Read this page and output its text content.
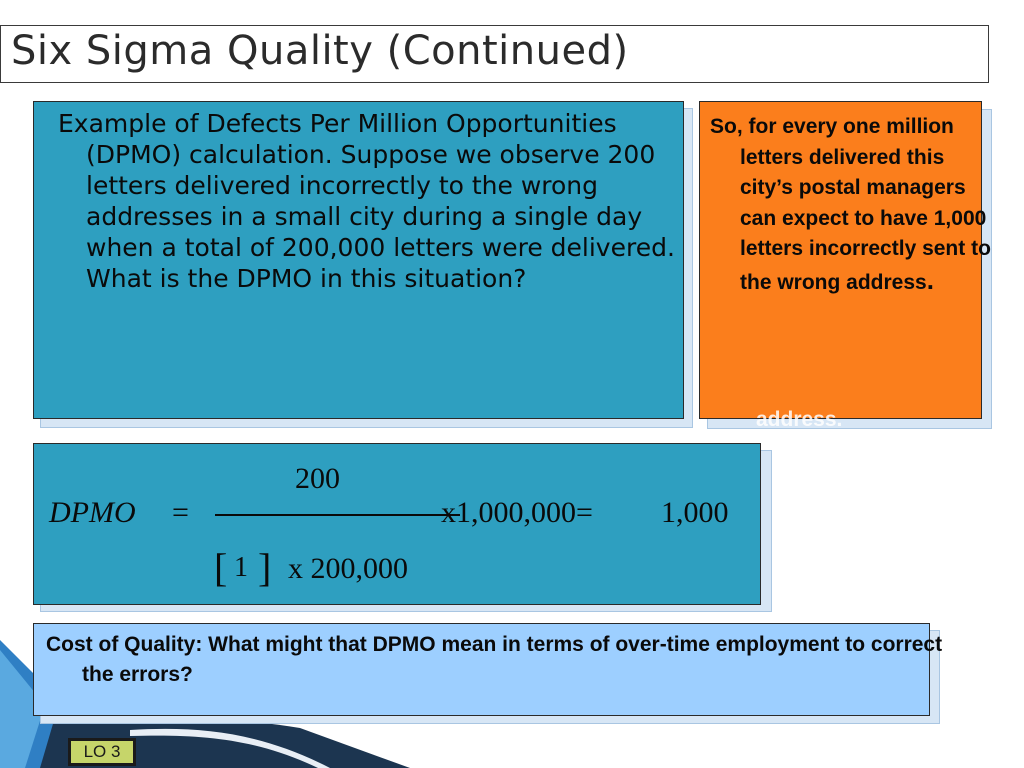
Six Sigma Quality (Continued)
Example of Defects Per Million Opportunities (DPMO) calculation. Suppose we observe 200 letters delivered incorrectly to the wrong addresses in a small city during a single day when a total of 200,000 letters were delivered. What is the DPMO in this situation?
So, for every one million letters delivered this city’s postal managers can expect to have 1,000 letters incorrectly sent to the wrong address.
address.
DPMO =
200
x1,000,000= 1,000
[ 1 ] x 200,000
Cost of Quality: What might that DPMO mean in terms of over-time employment to correct the errors?
LO 3
